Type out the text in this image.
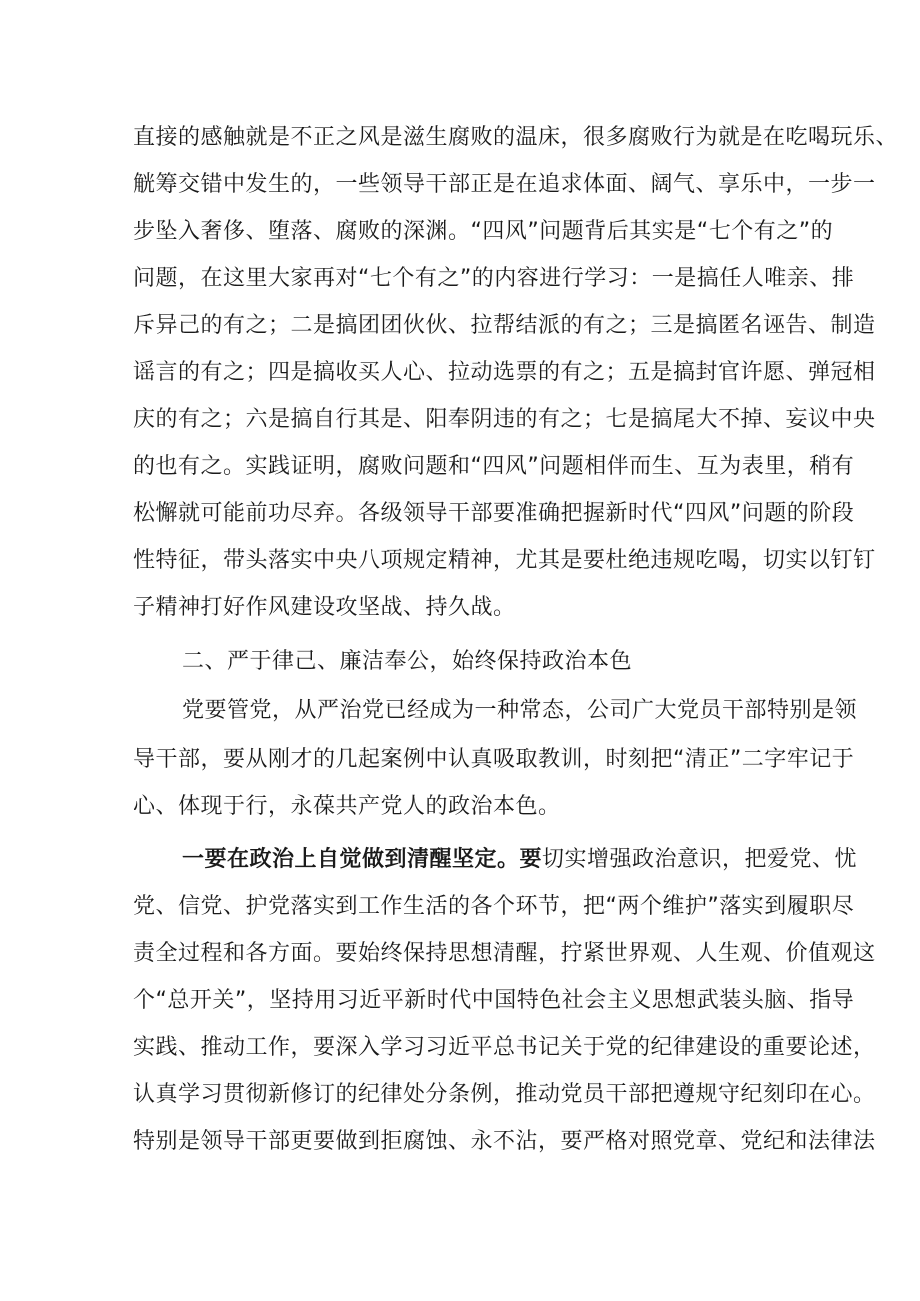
直接的感触就是不正之风是滋生腐败的温床，很多腐败行为就是在吃喝玩乐、
觥筹交错中发生的，一些领导干部正是在追求体面、阔气、享乐中，一步一
步坠入奢侈、堕落、腐败的深渊。“四风”问题背后其实是“七个有之”的
问题，在这里大家再对“七个有之”的内容进行学习：一是搞任人唯亲、排
斥异己的有之；二是搞团团伙伙、拉帮结派的有之；三是搞匿名诬告、制造
谣言的有之；四是搞收买人心、拉动选票的有之；五是搞封官许愿、弹冠相
庆的有之；六是搞自行其是、阳奉阴违的有之；七是搞尾大不掉、妄议中央
的也有之。实践证明，腐败问题和“四风”问题相伴而生、互为表里，稍有
松懈就可能前功尽弃。各级领导干部要准确把握新时代“四风”问题的阶段
性特征，带头落实中央八项规定精神，尤其是要杜绝违规吃喝，切实以钉钉
子精神打好作风建设攻坚战、持久战。
二、严于律己、廉洁奉公，始终保持政治本色
党要管党，从严治党已经成为一种常态，公司广大党员干部特别是领
导干部，要从刚才的几起案例中认真吸取教训，时刻把“清正”二字牢记于
心、体现于行，永葆共产党人的政治本色。
一要在政治上自觉做到清醒坚定。要切实增强政治意识，把爱党、忧
党、信党、护党落实到工作生活的各个环节，把“两个维护”落实到履职尽
责全过程和各方面。要始终保持思想清醒，拧紧世界观、人生观、价值观这
个“总开关”，坚持用习近平新时代中国特色社会主义思想武装头脑、指导
实践、推动工作，要深入学习习近平总书记关于党的纪律建设的重要论述，
认真学习贯彻新修订的纪律处分条例，推动党员干部把遵规守纪刻印在心。
特别是领导干部更要做到拒腐蚀、永不沾，要严格对照党章、党纪和法律法
